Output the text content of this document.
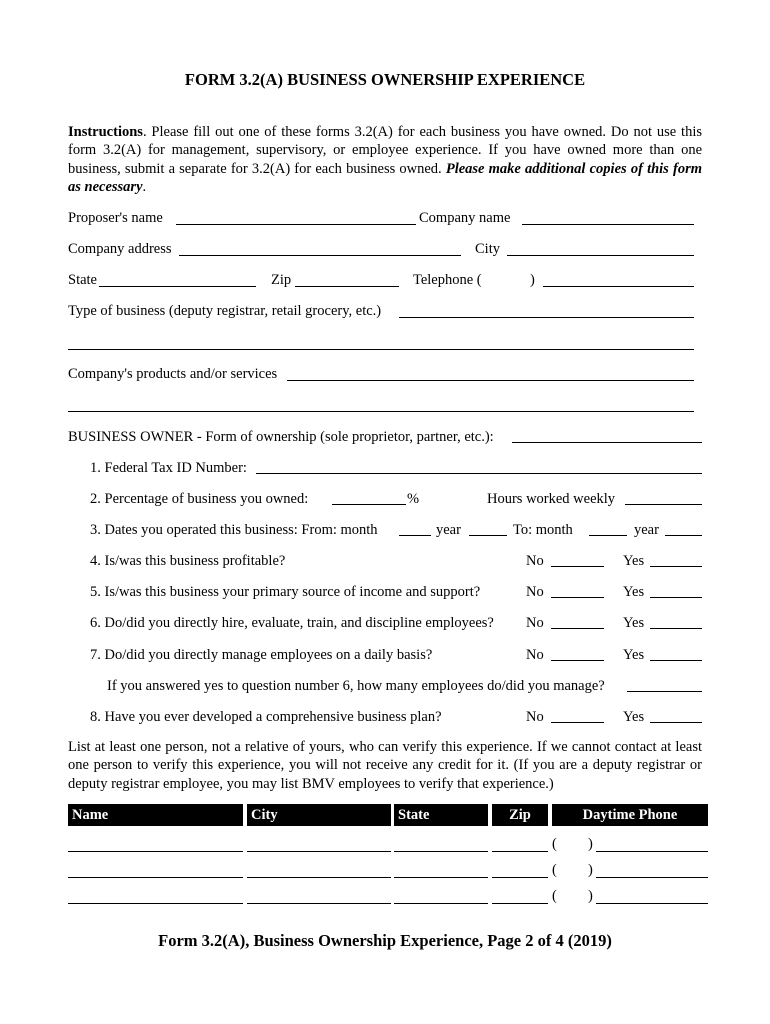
FORM 3.2(A) BUSINESS OWNERSHIP EXPERIENCE

Instructions. Please fill out one of these forms 3.2(A) for each business you have owned. Do not use this form 3.2(A) for management, supervisory, or employee experience. If you have owned more than one business, submit a separate for 3.2(A) for each business owned. Please make additional copies of this form as necessary.

Proposer's name	Company name
Company address	City
State	Zip	Telephone (	)
Type of business (deputy registrar, retail grocery, etc.)
Company's products and/or services
BUSINESS OWNER - Form of ownership (sole proprietor, partner, etc.):
1. Federal Tax ID Number:
2. Percentage of business you owned:	%	Hours worked weekly
3. Dates you operated this business: From: month	year	To: month	year
4. Is/was this business profitable?	No	Yes
5. Is/was this business your primary source of income and support?	No	Yes
6. Do/did you directly hire, evaluate, train, and discipline employees? No	Yes
7. Do/did you directly manage employees on a daily basis?	No	Yes
If you answered yes to question number 6, how many employees do/did you manage?
8. Have you ever developed a comprehensive business plan?	No	Yes

List at least one person, not a relative of yours, who can verify this experience. If we cannot contact at least one person to verify this experience, you will not receive any credit for it. (If you are a deputy registrar or deputy registrar employee, you may list BMV employees to verify that experience.)

Name	City	State	Zip	Daytime Phone
( )
( )
( )
Form 3.2(A), Business Ownership Experience, Page 2 of 4 (2019)
